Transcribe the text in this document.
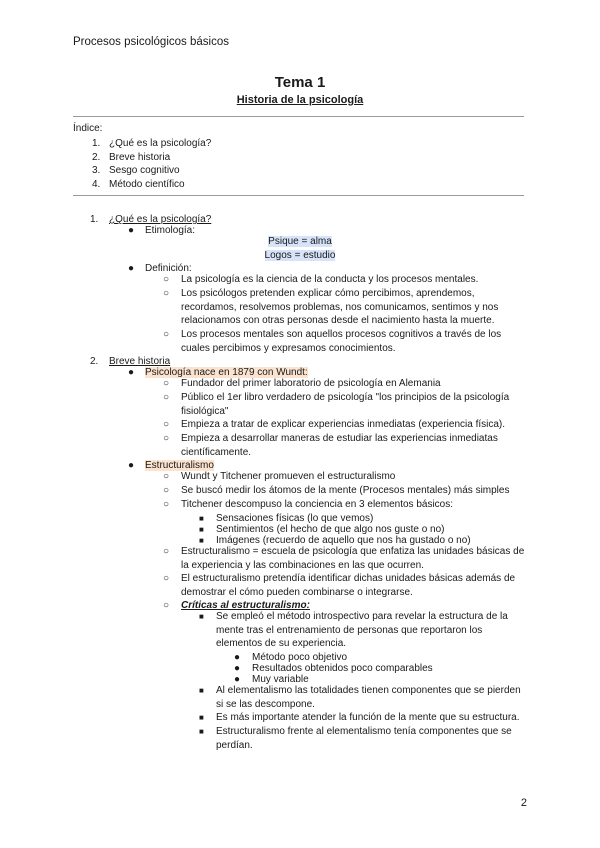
Procesos psicológicos básicos
Tema 1
Historia de la psicología
Índice:
1. ¿Qué es la psicología?
2. Breve historia
3. Sesgo cognitivo
4. Método científico
1. ¿Qué es la psicología?
● Etimología:
Psique = alma
Logos = estudio
● Definición:
○ La psicología es la ciencia de la conducta y los procesos mentales.
○ Los psicólogos pretenden explicar cómo percibimos, aprendemos,
recordamos, resolvemos problemas, nos comunicamos, sentimos y nos
relacionamos con otras personas desde el nacimiento hasta la muerte.
○ Los procesos mentales son aquellos procesos cognitivos a través de los
cuales percibimos y expresamos conocimientos.
2. Breve historia
● Psicología nace en 1879 con Wundt:
○ Fundador del primer laboratorio de psicología en Alemania
○ Público el 1er libro verdadero de psicología "los principios de la psicología
fisiológica"
○ Empieza a tratar de explicar experiencias inmediatas (experiencia física).
○ Empieza a desarrollar maneras de estudiar las experiencias inmediatas
científicamente.
● Estructuralismo
○ Wundt y Titchener promueven el estructuralismo
○ Se buscó medir los átomos de la mente (Procesos mentales) más simples
○ Titchener descompuso la conciencia en 3 elementos básicos:
■ Sensaciones físicas (lo que vemos)
■ Sentimientos (el hecho de que algo nos guste o no)
■ Imágenes (recuerdo de aquello que nos ha gustado o no)
○ Estructuralismo = escuela de psicología que enfatiza las unidades básicas de
la experiencia y las combinaciones en las que ocurren.
○ El estructuralismo pretendía identificar dichas unidades básicas además de
demostrar el cómo pueden combinarse o integrarse.
○ Críticas al estructuralismo:
■ Se empleó el método introspectivo para revelar la estructura de la
mente tras el entrenamiento de personas que reportaron los
elementos de su experiencia.
● Método poco objetivo
● Resultados obtenidos poco comparables
● Muy variable
■ Al elementalismo las totalidades tienen componentes que se pierden
si se las descompone.
■ Es más importante atender la función de la mente que su estructura.
■ Estructuralismo frente al elementalismo tenía componentes que se
perdían.
2
